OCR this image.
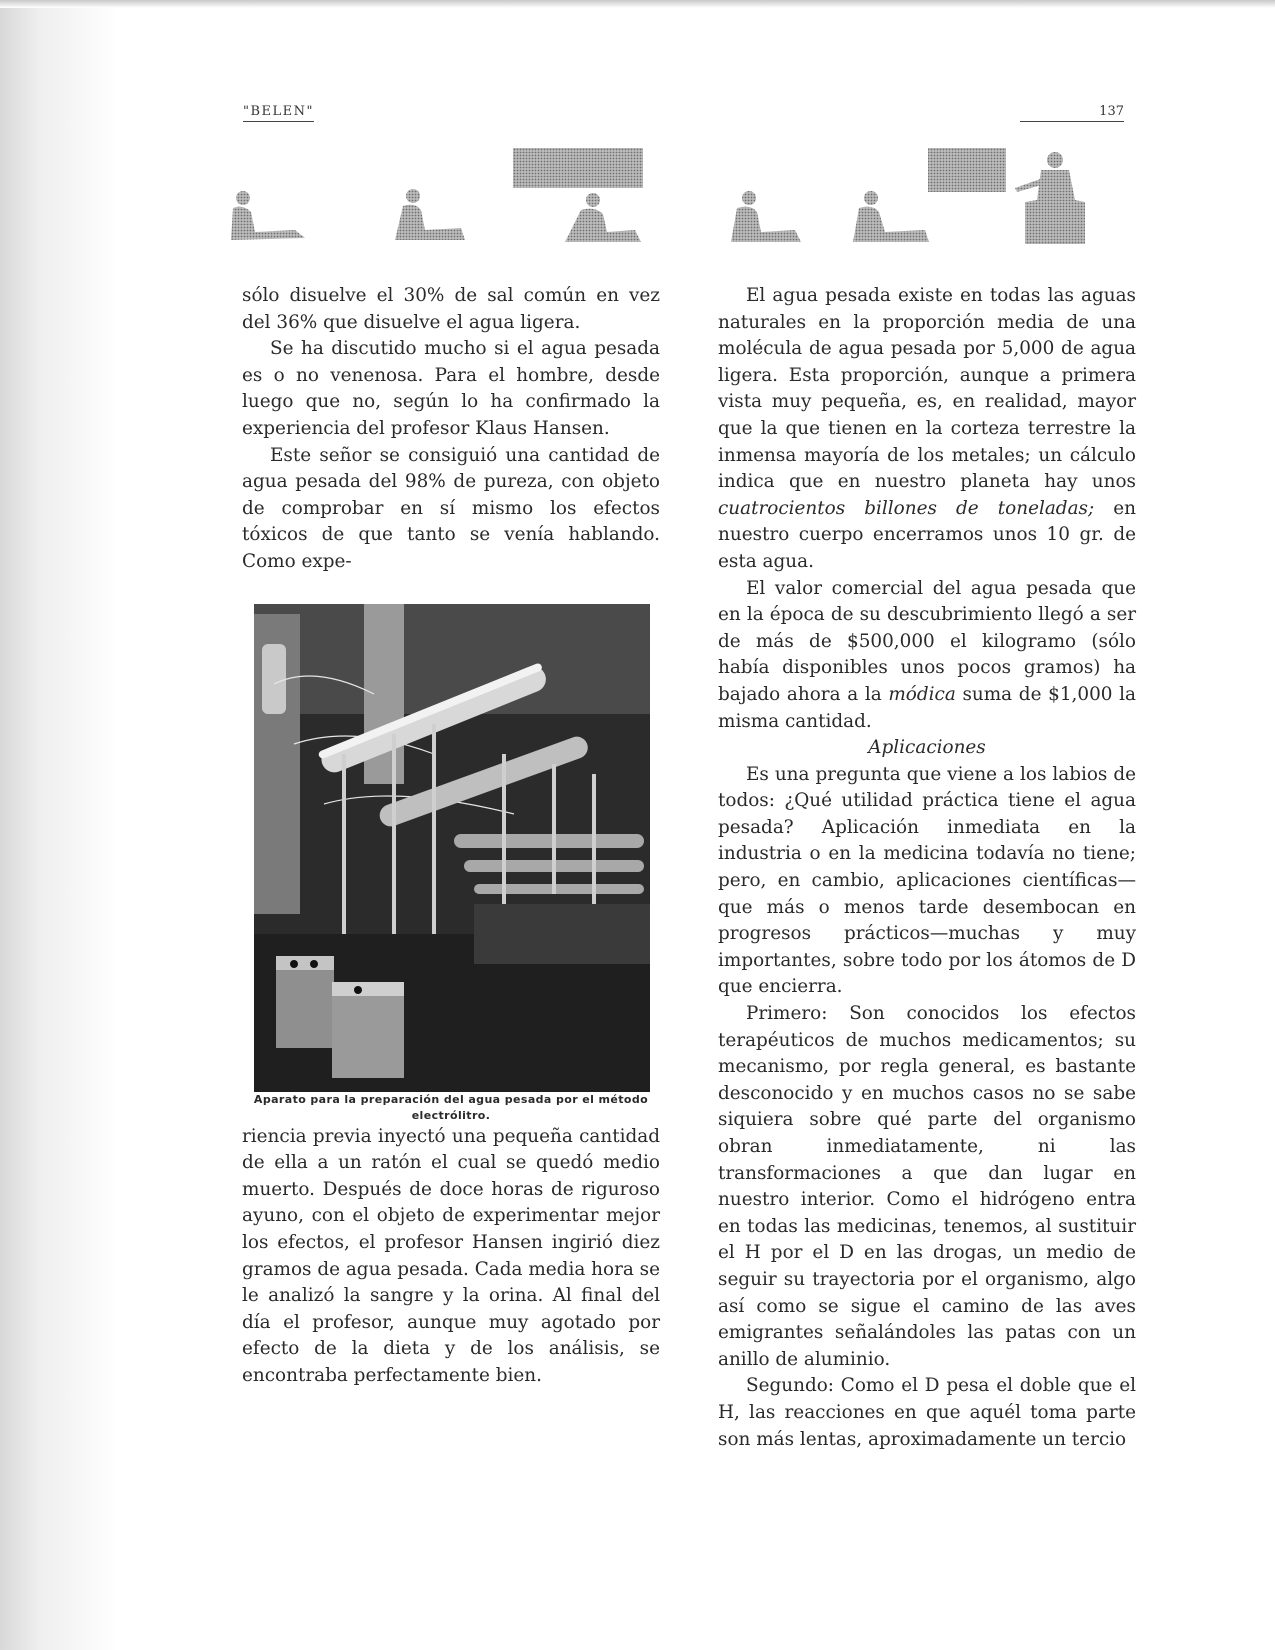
"BELEN"	137

sólo disuelve el 30% de sal común en vez del 36% que disuelve el agua ligera.

Se ha discutido mucho si el agua pesada es o no venenosa. Para el hombre, desde luego que no, según lo ha confirmado la experiencia del profesor Klaus Hansen.

Este señor se consiguió una cantidad de agua pesada del 98% de pureza, con objeto de comprobar en sí mismo los efectos tóxicos de que tanto se venía hablando. Como expe-

Aparato para la preparación del agua pesada por el método electrólitro.

riencia previa inyectó una pequeña cantidad de ella a un ratón el cual se quedó medio muerto. Después de doce horas de riguroso ayuno, con el objeto de experimentar mejor los efectos, el profesor Hansen ingirió diez gramos de agua pesada. Cada media hora se le analizó la sangre y la orina. Al final del día el profesor, aunque muy agotado por efecto de la dieta y de los análisis, se encontraba perfectamente bien.

El agua pesada existe en todas las aguas naturales en la proporción media de una molécula de agua pesada por 5,000 de agua ligera. Esta proporción, aunque a primera vista muy pequeña, es, en realidad, mayor que la que tienen en la corteza terrestre la inmensa mayoría de los metales; un cálculo indica que en nuestro planeta hay unos cuatrocientos billones de toneladas; en nuestro cuerpo encerramos unos 10 gr. de esta agua.

El valor comercial del agua pesada que en la época de su descubrimiento llegó a ser de más de $500,000 el kilogramo (sólo había disponibles unos pocos gramos) ha bajado ahora a la módica suma de $1,000 la misma cantidad.

Aplicaciones

Es una pregunta que viene a los labios de todos: ¿Qué utilidad práctica tiene el agua pesada? Aplicación inmediata en la industria o en la medicina todavía no tiene; pero, en cambio, aplicaciones científicas—que más o menos tarde desembocan en progresos prácticos—muchas y muy importantes, sobre todo por los átomos de D que encierra.

Primero: Son conocidos los efectos terapéuticos de muchos medicamentos; su mecanismo, por regla general, es bastante desconocido y en muchos casos no se sabe siquiera sobre qué parte del organismo obran inmediatamente, ni las transformaciones a que dan lugar en nuestro interior. Como el hidrógeno entra en todas las medicinas, tenemos, al sustituir el H por el D en las drogas, un medio de seguir su trayectoria por el organismo, algo así como se sigue el camino de las aves emigrantes señalándoles las patas con un anillo de aluminio.

Segundo: Como el D pesa el doble que el H, las reacciones en que aquél toma parte son más lentas, aproximadamente un tercio
